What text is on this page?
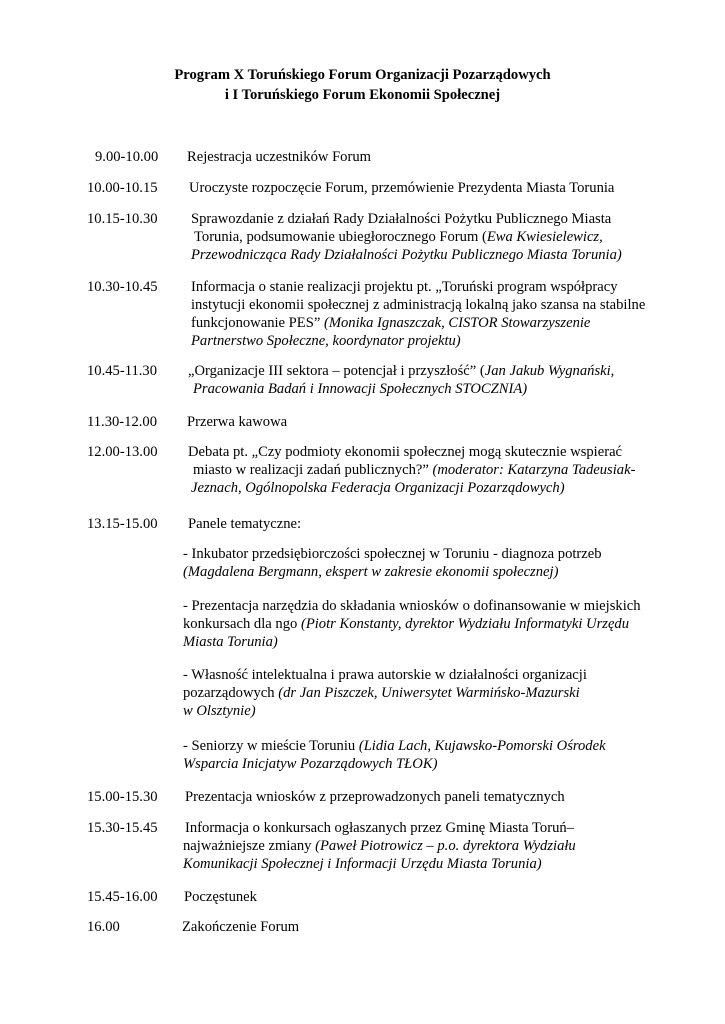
Program X Toruńskiego Forum Organizacji Pozarządowych
i I Toruńskiego Forum Ekonomii Społecznej
9.00-10.00 Rejestracja uczestników Forum
10.00-10.15 Uroczyste rozpoczęcie Forum, przemówienie Prezydenta Miasta Torunia
10.15-10.30 Sprawozdanie z działań Rady Działalności Pożytku Publicznego Miasta
Torunia, podsumowanie ubiegłorocznego Forum (Ewa Kwiesielewicz,
Przewodnicząca Rady Działalności Pożytku Publicznego Miasta Torunia)
10.30-10.45 Informacja o stanie realizacji projektu pt. „Toruński program współpracy
instytucji ekonomii społecznej z administracją lokalną jako szansa na stabilne
funkcjonowanie PES” (Monika Ignaszczak, CISTOR Stowarzyszenie
Partnerstwo Społeczne, koordynator projektu)
10.45-11.30 „Organizacje III sektora – potencjał i przyszłość” (Jan Jakub Wygnański,
Pracowania Badań i Innowacji Społecznych STOCZNIA)
11.30-12.00 Przerwa kawowa
12.00-13.00 Debata pt. „Czy podmioty ekonomii społecznej mogą skutecznie wspierać
miasto w realizacji zadań publicznych?” (moderator: Katarzyna Tadeusiak-
Jeznach, Ogólnopolska Federacja Organizacji Pozarządowych)
13.15-15.00 Panele tematyczne:
- Inkubator przedsiębiorczości społecznej w Toruniu - diagnoza potrzeb
(Magdalena Bergmann, ekspert w zakresie ekonomii społecznej)
- Prezentacja narzędzia do składania wniosków o dofinansowanie w miejskich
konkursach dla ngo (Piotr Konstanty, dyrektor Wydziału Informatyki Urzędu
Miasta Torunia)
- Własność intelektualna i prawa autorskie w działalności organizacji
pozarządowych (dr Jan Piszczek, Uniwersytet Warmińsko-Mazurski
w Olsztynie)
- Seniorzy w mieście Toruniu (Lidia Lach, Kujawsko-Pomorski Ośrodek
Wsparcia Inicjatyw Pozarządowych TŁOK)
15.00-15.30 Prezentacja wniosków z przeprowadzonych paneli tematycznych
15.30-15.45 Informacja o konkursach ogłaszanych przez Gminę Miasta Toruń–
najważniejsze zmiany (Paweł Piotrowicz – p.o. dyrektora Wydziału
Komunikacji Społecznej i Informacji Urzędu Miasta Torunia)
15.45-16.00 Poczęstunek
16.00	Zakończenie Forum
